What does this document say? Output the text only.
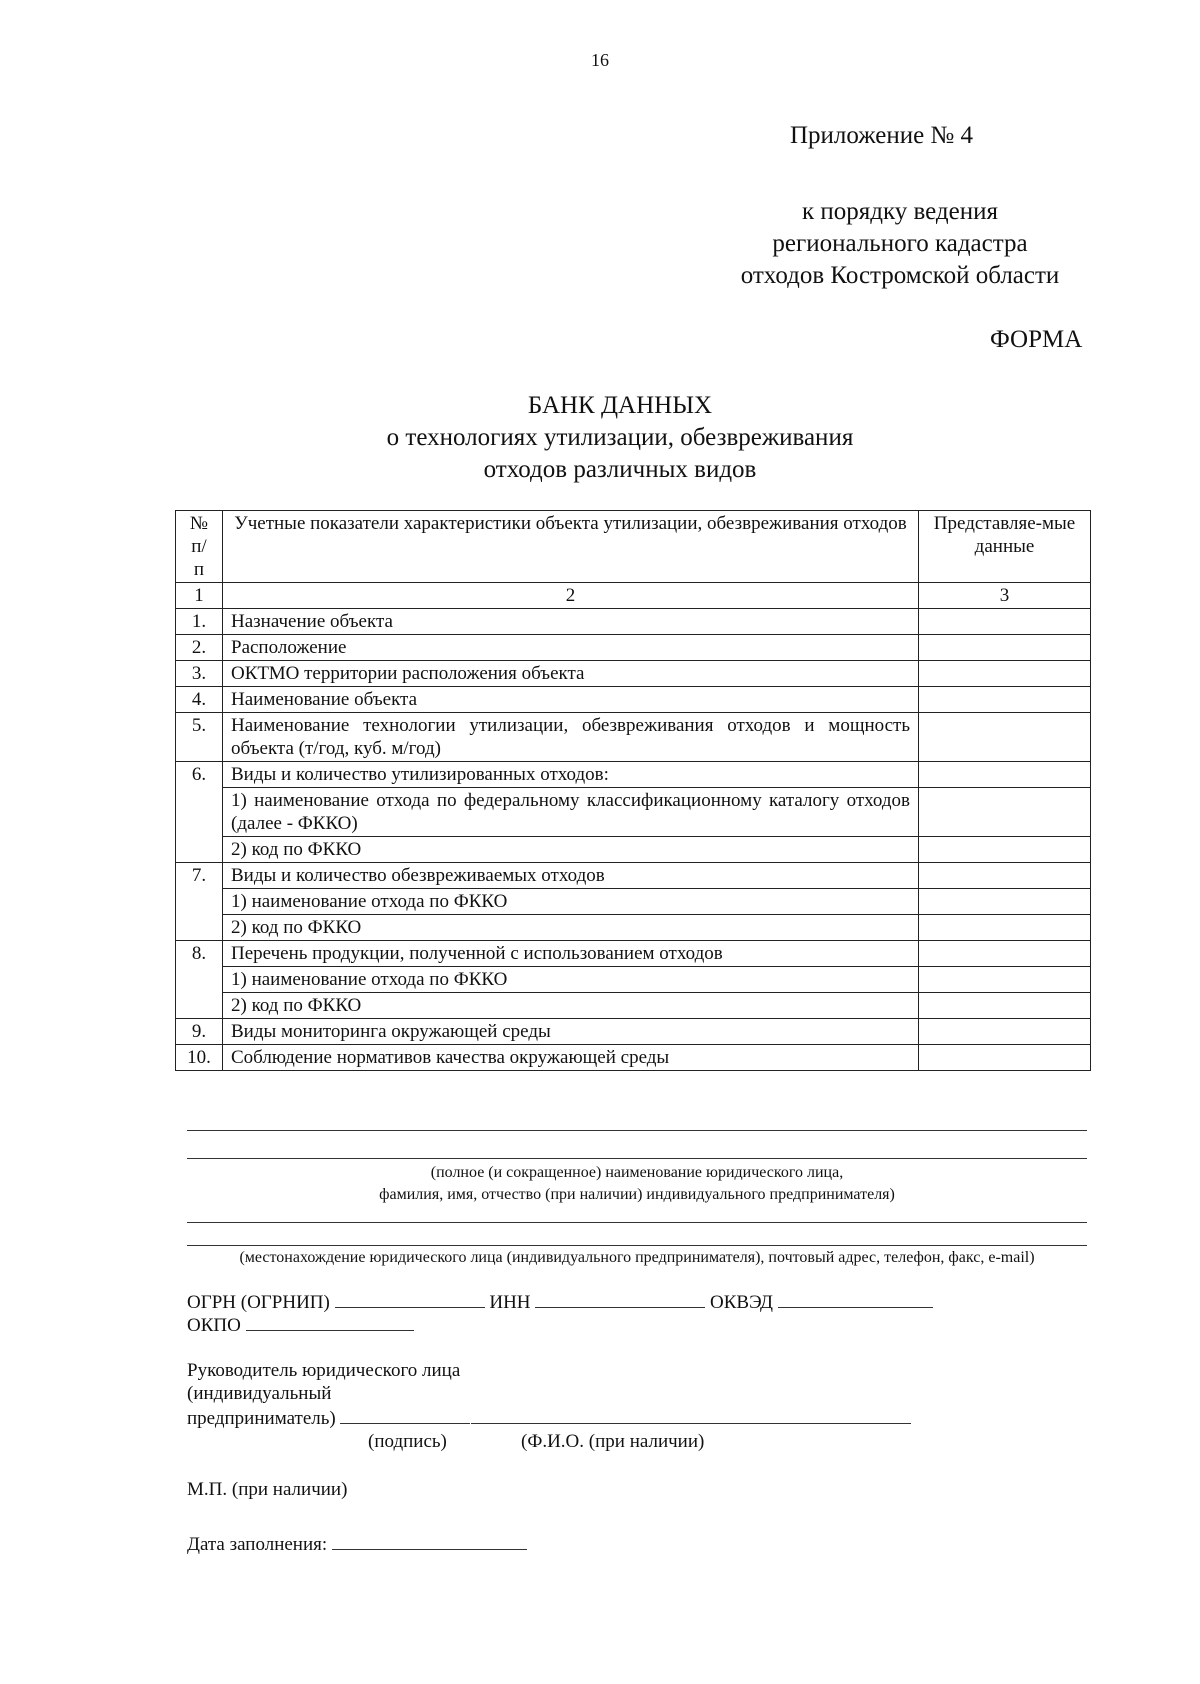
16
Приложение № 4
к порядку ведения
регионального кадастра
отходов Костромской области
ФОРМА
БАНК ДАННЫХ
о технологиях утилизации, обезвреживания
отходов различных видов
№ п/ п	Учетные показатели характеристики объекта утилизации, обезвреживания отходов	Представляе-мые данные
1	2	3
1.	Назначение объекта	
2.	Расположение	
3.	ОКТМО территории расположения объекта	
4.	Наименование объекта	
5.	Наименование технологии утилизации, обезвреживания отходов и мощность объекта (т/год, куб. м/год)	
6.	Виды и количество утилизированных отходов:	
	1) наименование отхода по федеральному классификационному каталогу отходов (далее - ФККО)	
	2) код по ФККО	
7.	Виды и количество обезвреживаемых отходов	
	1) наименование отхода по ФККО	
	2) код по ФККО	
8.	Перечень продукции, полученной с использованием отходов	
	1) наименование отхода по ФККО	
	2) код по ФККО	
9.	Виды мониторинга окружающей среды	
10.	Соблюдение нормативов качества окружающей среды	
(полное (и сокращенное) наименование юридического лица,
фамилия, имя, отчество (при наличии) индивидуального предпринимателя)
(местонахождение юридического лица (индивидуального предпринимателя), почтовый адрес, телефон, факс, e-mail)
ОГРН (ОГРНИП)	ИНН	ОКВЭД
ОКПО
Руководитель юридического лица
(индивидуальный
предприниматель)
(подпись)	(Ф.И.О. (при наличии)
М.П. (при наличии)
Дата заполнения:
